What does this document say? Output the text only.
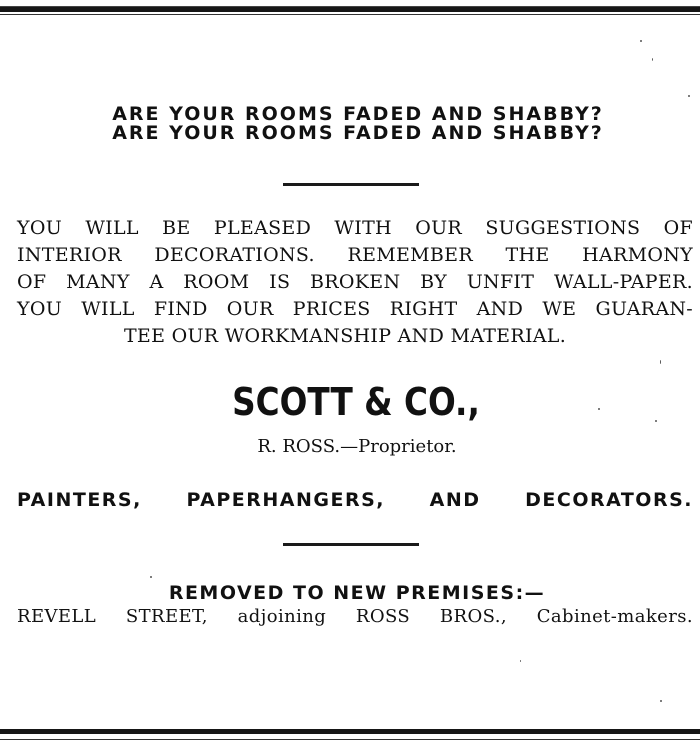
ARE YOUR ROOMS FADED AND SHABBY?
ARE YOUR ROOMS FADED AND SHABBY?
YOU WILL BE PLEASED WITH OUR SUGGESTIONS OF
INTERIOR DECORATIONS. REMEMBER THE HARMONY
OF MANY A ROOM IS BROKEN BY UNFIT WALL-PAPER.
YOU WILL FIND OUR PRICES RIGHT AND WE GUARAN-
TEE OUR WORKMANSHIP AND MATERIAL.
SCOTT & CO.,
R. ROSS.—Proprietor.
PAINTERS, PAPERHANGERS, AND DECORATORS.
REMOVED TO NEW PREMISES:—
REVELL STREET, adjoining ROSS BROS., Cabinet-makers.
